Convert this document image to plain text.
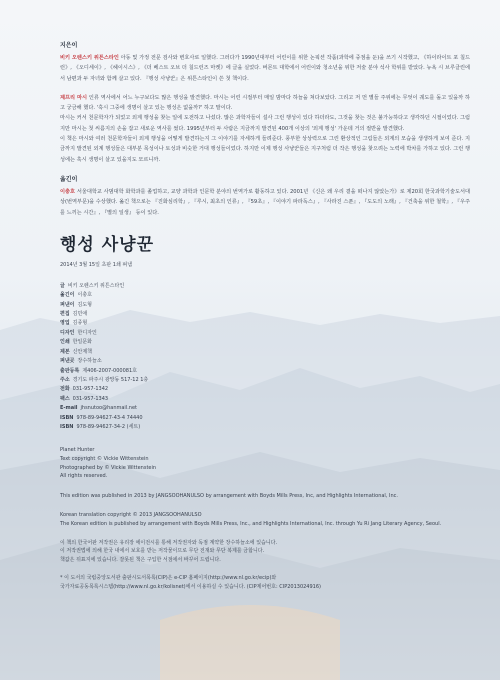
지은이

비키 오렌스키 위튼스타인 아동 및 가정 전문 검사와 변호사로 일했다. 그러다가 1990년대부터 어린이를 위한 논픽션 작품(과학에 중점을 둔)을 쓰기 시작했고, 《하이라이트 포 칠드런》, 《오디세이》, 《헤이시스》, 《더 베스트 오브 더 칠드런즈 마켓》에 글을 실었다. 버몬트 대학에서 어린이와 청소년을 위한 저술 분야 석사 학위를 받았다. 뉴욕 시 브루클린에서 남편과 두 자녀와 함께 살고 있다. 『행성 사냥꾼』은 위튼스타인이 쓴 첫 책이다.

제프리 마시 인류 역사에서 어느 누구보다도 많은 행성을 발견했다. 마시는 어린 시절부터 매일 밤마다 하늘을 쳐다보았다. 그리고 저 먼 별들 주위에는 무엇이 궤도를 돌고 있을까 하고 궁금해 했다. '혹시 그중에 생명이 살고 있는 행성은 없을까?' 하고 말이다.

마시는 커서 천문학자가 되었고 외계 행성을 찾는 일에 도전하고 나섰다. 많은 과학자들이 설사 그런 행성이 있다 하더라도, 그것을 찾는 것은 불가능하다고 생각하던 시절이었다. 그럼지만 마시는 첫 씨름지의 손을 잡고 새로운 역사를 썼다. 1995년부터 두 사람은 지금까지 발견된 400개 이상의 '외계 행성' 가운데 거의 절반을 발견했다.

이 책은 마시와 여러 천문학자들이 외계 행성을 어떻게 발견하는지 그 이야기를 자세하게 들려준다. 풍부한 상상력으로 그린 환상적인 그림들은 외계의 모습을 생생하게 보여 준다. 지금까지 발견된 외계 행성들은 대부분 목성이나 토성과 비슷한 거대 행성들이었다. 하지만 이제 행성 사냥꾼들은 지구처럼 더 작은 행성을 찾으려는 노력에 박차를 가하고 있다. 그런 행성에는 혹시 생명이 살고 있을지도 모르니까.

옮긴이

이충호 서울대학교 사범대학 화학과를 졸업하고, 교양 과학과 인문학 분야의 번역가로 활동하고 있다. 2001년 《신은 왜 우리 곁을 떠나지 않았는가》로 제20회 한국과학기술도서대상(번역부문)을 수상했다. 옮긴 책으로는 『진화심리학』, 『루시, 최초의 인류』, 『59초』, 『이야기 파라독스』, 『사라진 스푼』, 『도도의 노래』, 『건축을 위한 철학』, 『우주를 느끼는 시간』, 『별의 일생』 등이 있다.

행성 사냥꾼
2014년 3월 15일 초판 1쇄 펴냄
글 비키 오렌스키 위튼스타인
옮긴이 이충호
펴낸이 김도형
편집 김민애
영업 김종형
디자인 한디자인
인쇄 한일문화
제본 신안제책
펴낸곳 장수하늘소
출판등록 제406-2007-000081호
주소 경기도 파주시 광망동 517-12 1층
전화 031-957-1342
팩스 031-957-1343
E-mail jhsnutoo@hanmail.net
ISBN 978-89-94627-43-4 74440
ISBN 978-89-94627-34-2 (세트)
Planet Hunter
Text copyright © Vickie Wittenstein
Photographed by © Vickie Wittenstein
All rights reserved.
This edition was published in 2013 by JANGSOOHANULSO by arrangement with Boyds Mills Press, Inc, and Highlights International, Inc.
Korean translation copyright © 2013 JANGSOOHANULSO
The Korean edition is published by arrangement with Boyds Mills Press, Inc., and Highlights International, Inc. through Yu Ri Jang Literary Agency, Seoul.
이 책의 한국어판 저작권은 유리장 에이전시를 통해 저작권자와 독점 계약한 장수하늘소에 있습니다.
이 저작권법에 의해 한국 내에서 보호를 받는 저작물이므로 무단 전재와 무단 복제를 금합니다.
책값은 뒤표지에 있습니다. 잘못된 책은 구입한 서점에서 바꾸어 드립니다.
* 이 도서의 국립중앙도서관 출판시도서목록(CIP)은 e-CIP 홈페이지(http://www.nl.go.kr/ecip)와
국가자료공동목록시스템(http://www.nl.go.kr/kolisnet)에서 이용하실 수 있습니다. (CIP제어번호: CIP2013024916)
